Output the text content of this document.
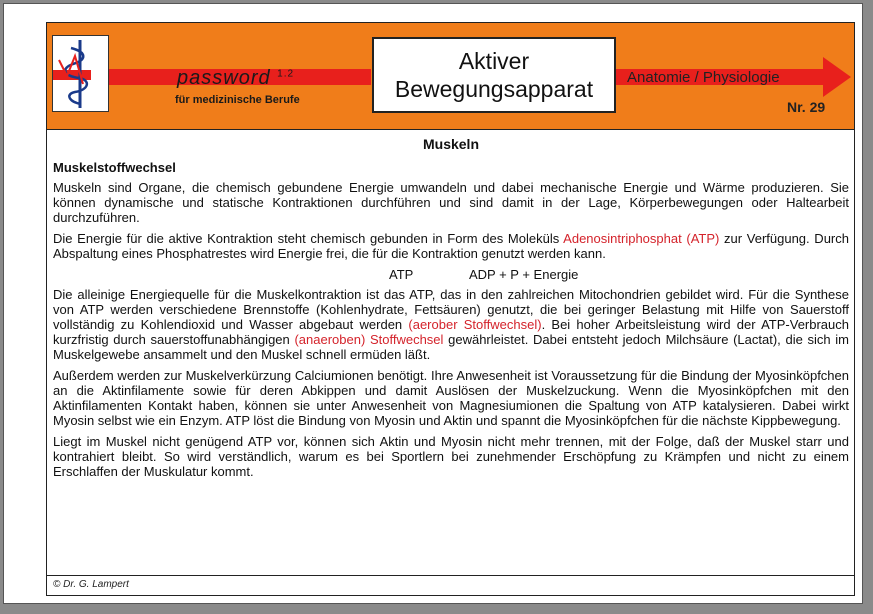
password $^{1.2}$
für medizinische Berufe
Aktiver
Bewegungsapparat	Anatomie / Physiologie
Nr. 29
Muskeln
Muskelstoffwechsel

Muskeln sind Organe, die chemisch gebundene Energie umwandeln und dabei mechanische Energie und Wärme produzieren. Sie können dynamische und statische Kontraktionen durchführen und sind damit in der Lage, Körperbewegungen oder Haltearbeit durchzuführen.

Die Energie für die aktive Kontraktion steht chemisch gebunden in Form des Moleküls Adenosintriphosphat (ATP) zur Verfügung. Durch Abspaltung eines Phosphatrestes wird Energie frei, die für die Kontraktion genutzt werden kann.

ATP	ADP + P + Energie

Die alleinige Energiequelle für die Muskelkontraktion ist das ATP, das in den zahlreichen Mitochondrien gebildet wird. Für die Synthese von ATP werden verschiedene Brennstoffe (Kohlenhydrate, Fettsäuren) genutzt, die bei geringer Belastung mit Hilfe von Sauerstoff vollständig zu Kohlendioxid und Wasser abgebaut werden (aerober Stoffwechsel). Bei hoher Arbeitsleistung wird der ATP-Verbrauch kurzfristig durch sauerstoffunabhängigen (anaeroben) Stoffwechsel gewährleistet. Dabei entsteht jedoch Milchsäure (Lactat), die sich im Muskelgewebe ansammelt und den Muskel schnell ermüden läßt.

Außerdem werden zur Muskelverkürzung Calciumionen benötigt. Ihre Anwesenheit ist Voraussetzung für die Bindung der Myosinköpfchen an die Aktinfilamente sowie für deren Abkippen und damit Auslösen der Muskelzuckung. Wenn die Myosinköpfchen mit den Aktinfilamenten Kontakt haben, können sie unter Anwesenheit von Magnesiumionen die Spaltung von ATP katalysieren. Dabei wirkt Myosin selbst wie ein Enzym. ATP löst die Bindung von Myosin und Aktin und spannt die Myosinköpfchen für die nächste Kippbewegung.

Liegt im Muskel nicht genügend ATP vor, können sich Aktin und Myosin nicht mehr trennen, mit der Folge, daß der Muskel starr und kontrahiert bleibt. So wird verständlich, warum es bei Sportlern bei zunehmender Erschöpfung zu Krämpfen und nicht zu einem Erschlaffen der Muskulatur kommt.

© Dr. G. Lampert
